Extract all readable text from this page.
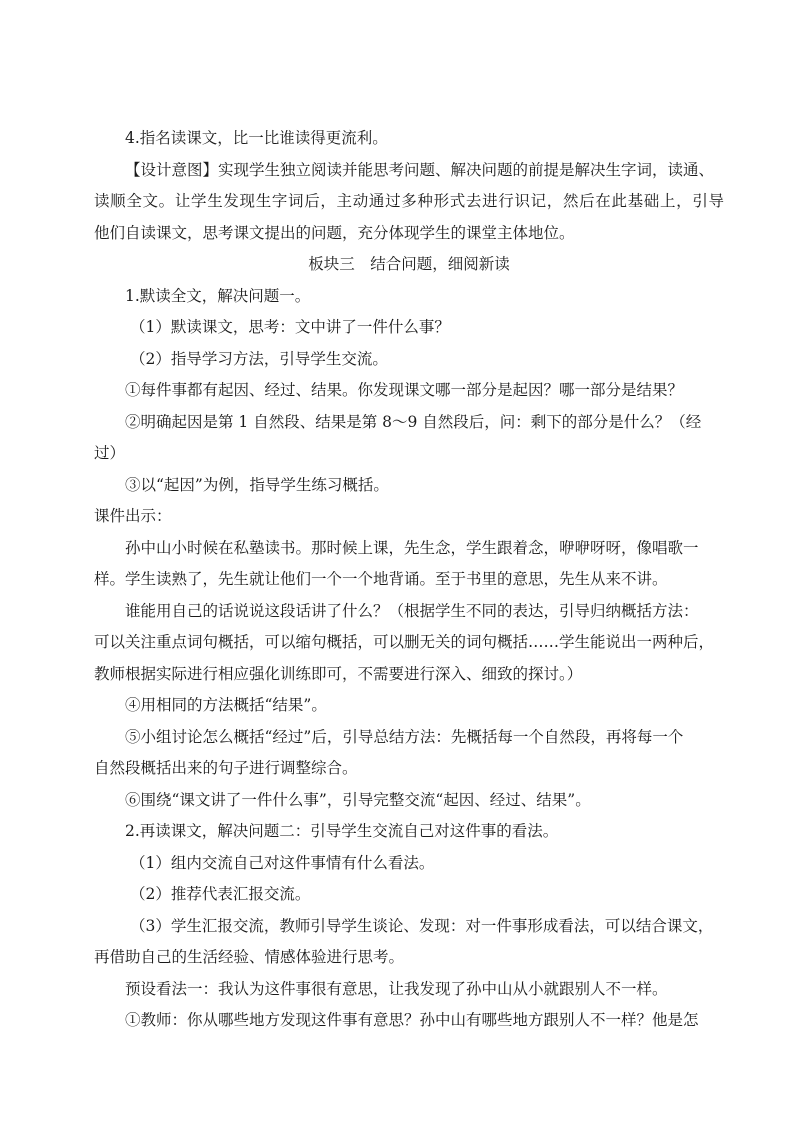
4.指名读课文，比一比谁读得更流利。

【设计意图】实现学生独立阅读并能思考问题、解决问题的前提是解决生字词，读通、

读顺全文。让学生发现生字词后，主动通过多种形式去进行识记，然后在此基础上，引导

他们自读课文，思考课文提出的问题，充分体现学生的课堂主体地位。

板块三　结合问题，细阅新读

1.默读全文，解决问题一。

（1）默读课文，思考：文中讲了一件什么事？

（2）指导学习方法，引导学生交流。

①每件事都有起因、经过、结果。你发现课文哪一部分是起因？哪一部分是结果？

②明确起因是第 1 自然段、结果是第 8～9 自然段后，问：剩下的部分是什么？（经

过）

③以“起因”为例，指导学生练习概括。

课件出示：

孙中山小时候在私塾读书。那时候上课，先生念，学生跟着念，咿咿呀呀，像唱歌一

样。学生读熟了，先生就让他们一个一个地背诵。至于书里的意思，先生从来不讲。

谁能用自己的话说说这段话讲了什么？（根据学生不同的表达，引导归纳概括方法：

可以关注重点词句概括，可以缩句概括，可以删无关的词句概括……学生能说出一两种后，

教师根据实际进行相应强化训练即可，不需要进行深入、细致的探讨。）

④用相同的方法概括“结果”。

⑤小组讨论怎么概括“经过”后，引导总结方法：先概括每一个自然段，再将每一个

自然段概括出来的句子进行调整综合。

⑥围绕“课文讲了一件什么事”，引导完整交流“起因、经过、结果”。

2.再读课文，解决问题二：引导学生交流自己对这件事的看法。

（1）组内交流自己对这件事情有什么看法。

（2）推荐代表汇报交流。

（3）学生汇报交流，教师引导学生谈论、发现：对一件事形成看法，可以结合课文，

再借助自己的生活经验、情感体验进行思考。

预设看法一：我认为这件事很有意思，让我发现了孙中山从小就跟别人不一样。

①教师：你从哪些地方发现这件事有意思？孙中山有哪些地方跟别人不一样？他是怎
